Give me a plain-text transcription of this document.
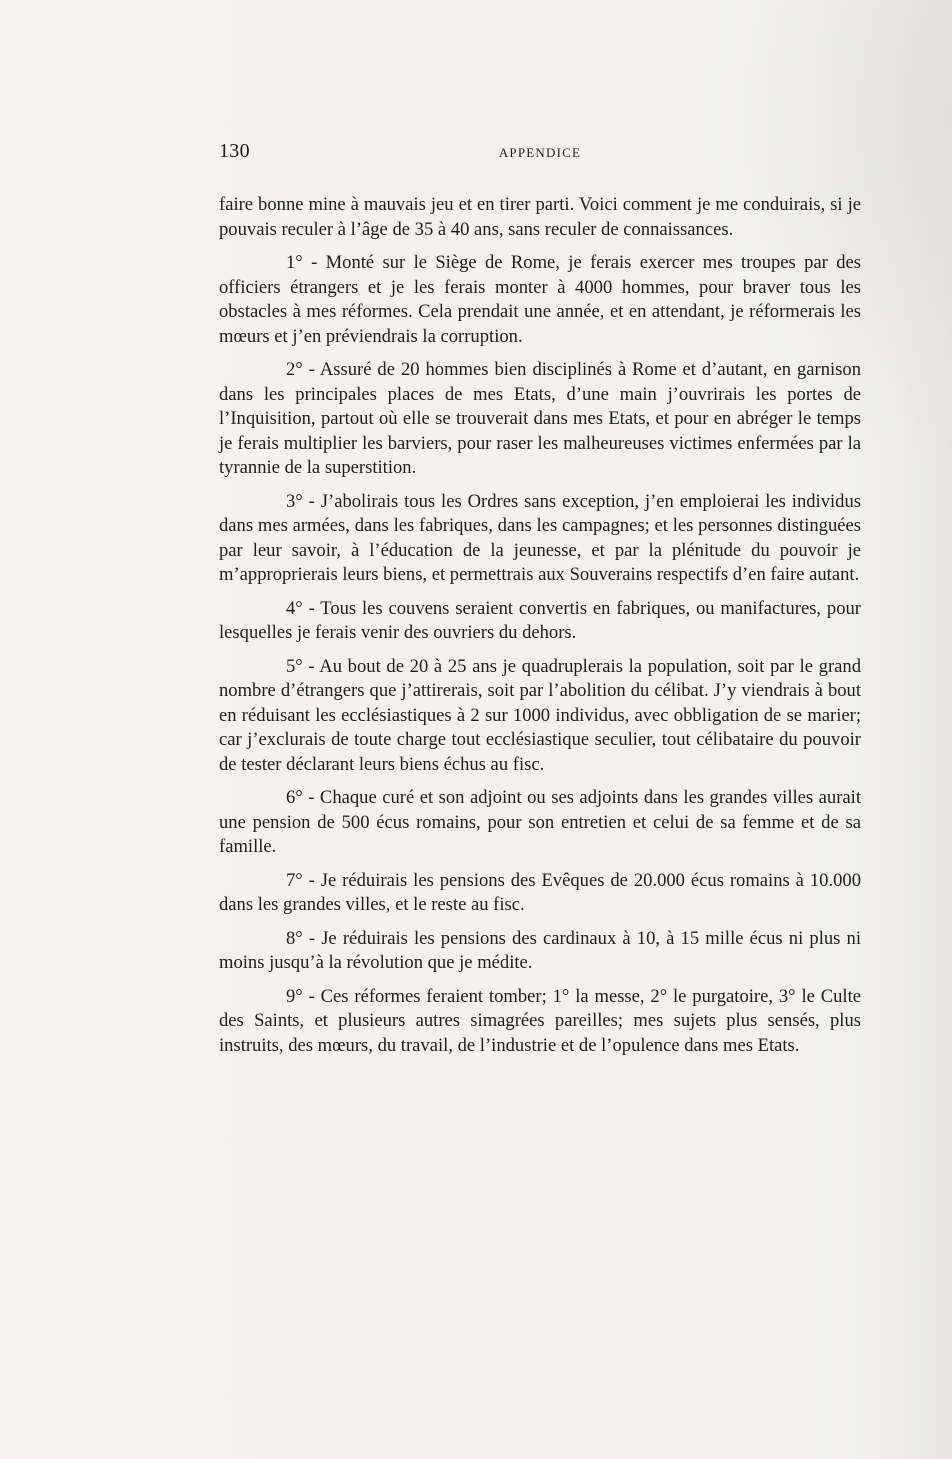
130	APPENDICE

faire bonne mine à mauvais jeu et en tirer parti. Voici comment je me conduirais, si je pouvais reculer à l’âge de 35 à 40 ans, sans reculer de connaissances.

1° - Monté sur le Siège de Rome, je ferais exercer mes troupes par des officiers étrangers et je les ferais monter à 4000 hommes, pour braver tous les obstacles à mes réformes. Cela prendait une année, et en attendant, je réformerais les mœurs et j’en préviendrais la corruption.

2° - Assuré de 20 hommes bien disciplinés à Rome et d’autant, en garnison dans les principales places de mes Etats, d’une main j’ouvrirais les portes de l’Inquisition, partout où elle se trouverait dans mes Etats, et pour en abréger le temps je ferais multiplier les barviers, pour raser les malheureuses victimes enfermées par la tyrannie de la superstition.

3° - J’abolirais tous les Ordres sans exception, j’en emploierai les individus dans mes armées, dans les fabriques, dans les campagnes; et les personnes distinguées par leur savoir, à l’éducation de la jeunesse, et par la plénitude du pouvoir je m’approprierais leurs biens, et permettrais aux Souverains respectifs d’en faire autant.

4° - Tous les couvens seraient convertis en fabriques, ou manifactures, pour lesquelles je ferais venir des ouvriers du dehors.

5° - Au bout de 20 à 25 ans je quadruplerais la population, soit par le grand nombre d’étrangers que j’attirerais, soit par l’abolition du célibat. J’y viendrais à bout en réduisant les ecclésiastiques à 2 sur 1000 individus, avec obbligation de se marier; car j’exclurais de toute charge tout ecclésiastique seculier, tout célibataire du pouvoir de tester déclarant leurs biens échus au fisc.

6° - Chaque curé et son adjoint ou ses adjoints dans les grandes villes aurait une pension de 500 écus romains, pour son entretien et celui de sa femme et de sa famille.

7° - Je réduirais les pensions des Evêques de 20.000 écus romains à 10.000 dans les grandes villes, et le reste au fisc.

8° - Je réduirais les pensions des cardinaux à 10, à 15 mille écus ni plus ni moins jusqu’à la révolution que je médite.

9° - Ces réformes feraient tomber; 1° la messe, 2° le purgatoire, 3° le Culte des Saints, et plusieurs autres simagrées pareilles; mes sujets plus sensés, plus instruits, des mœurs, du travail, de l’industrie et de l’opulence dans mes Etats.
